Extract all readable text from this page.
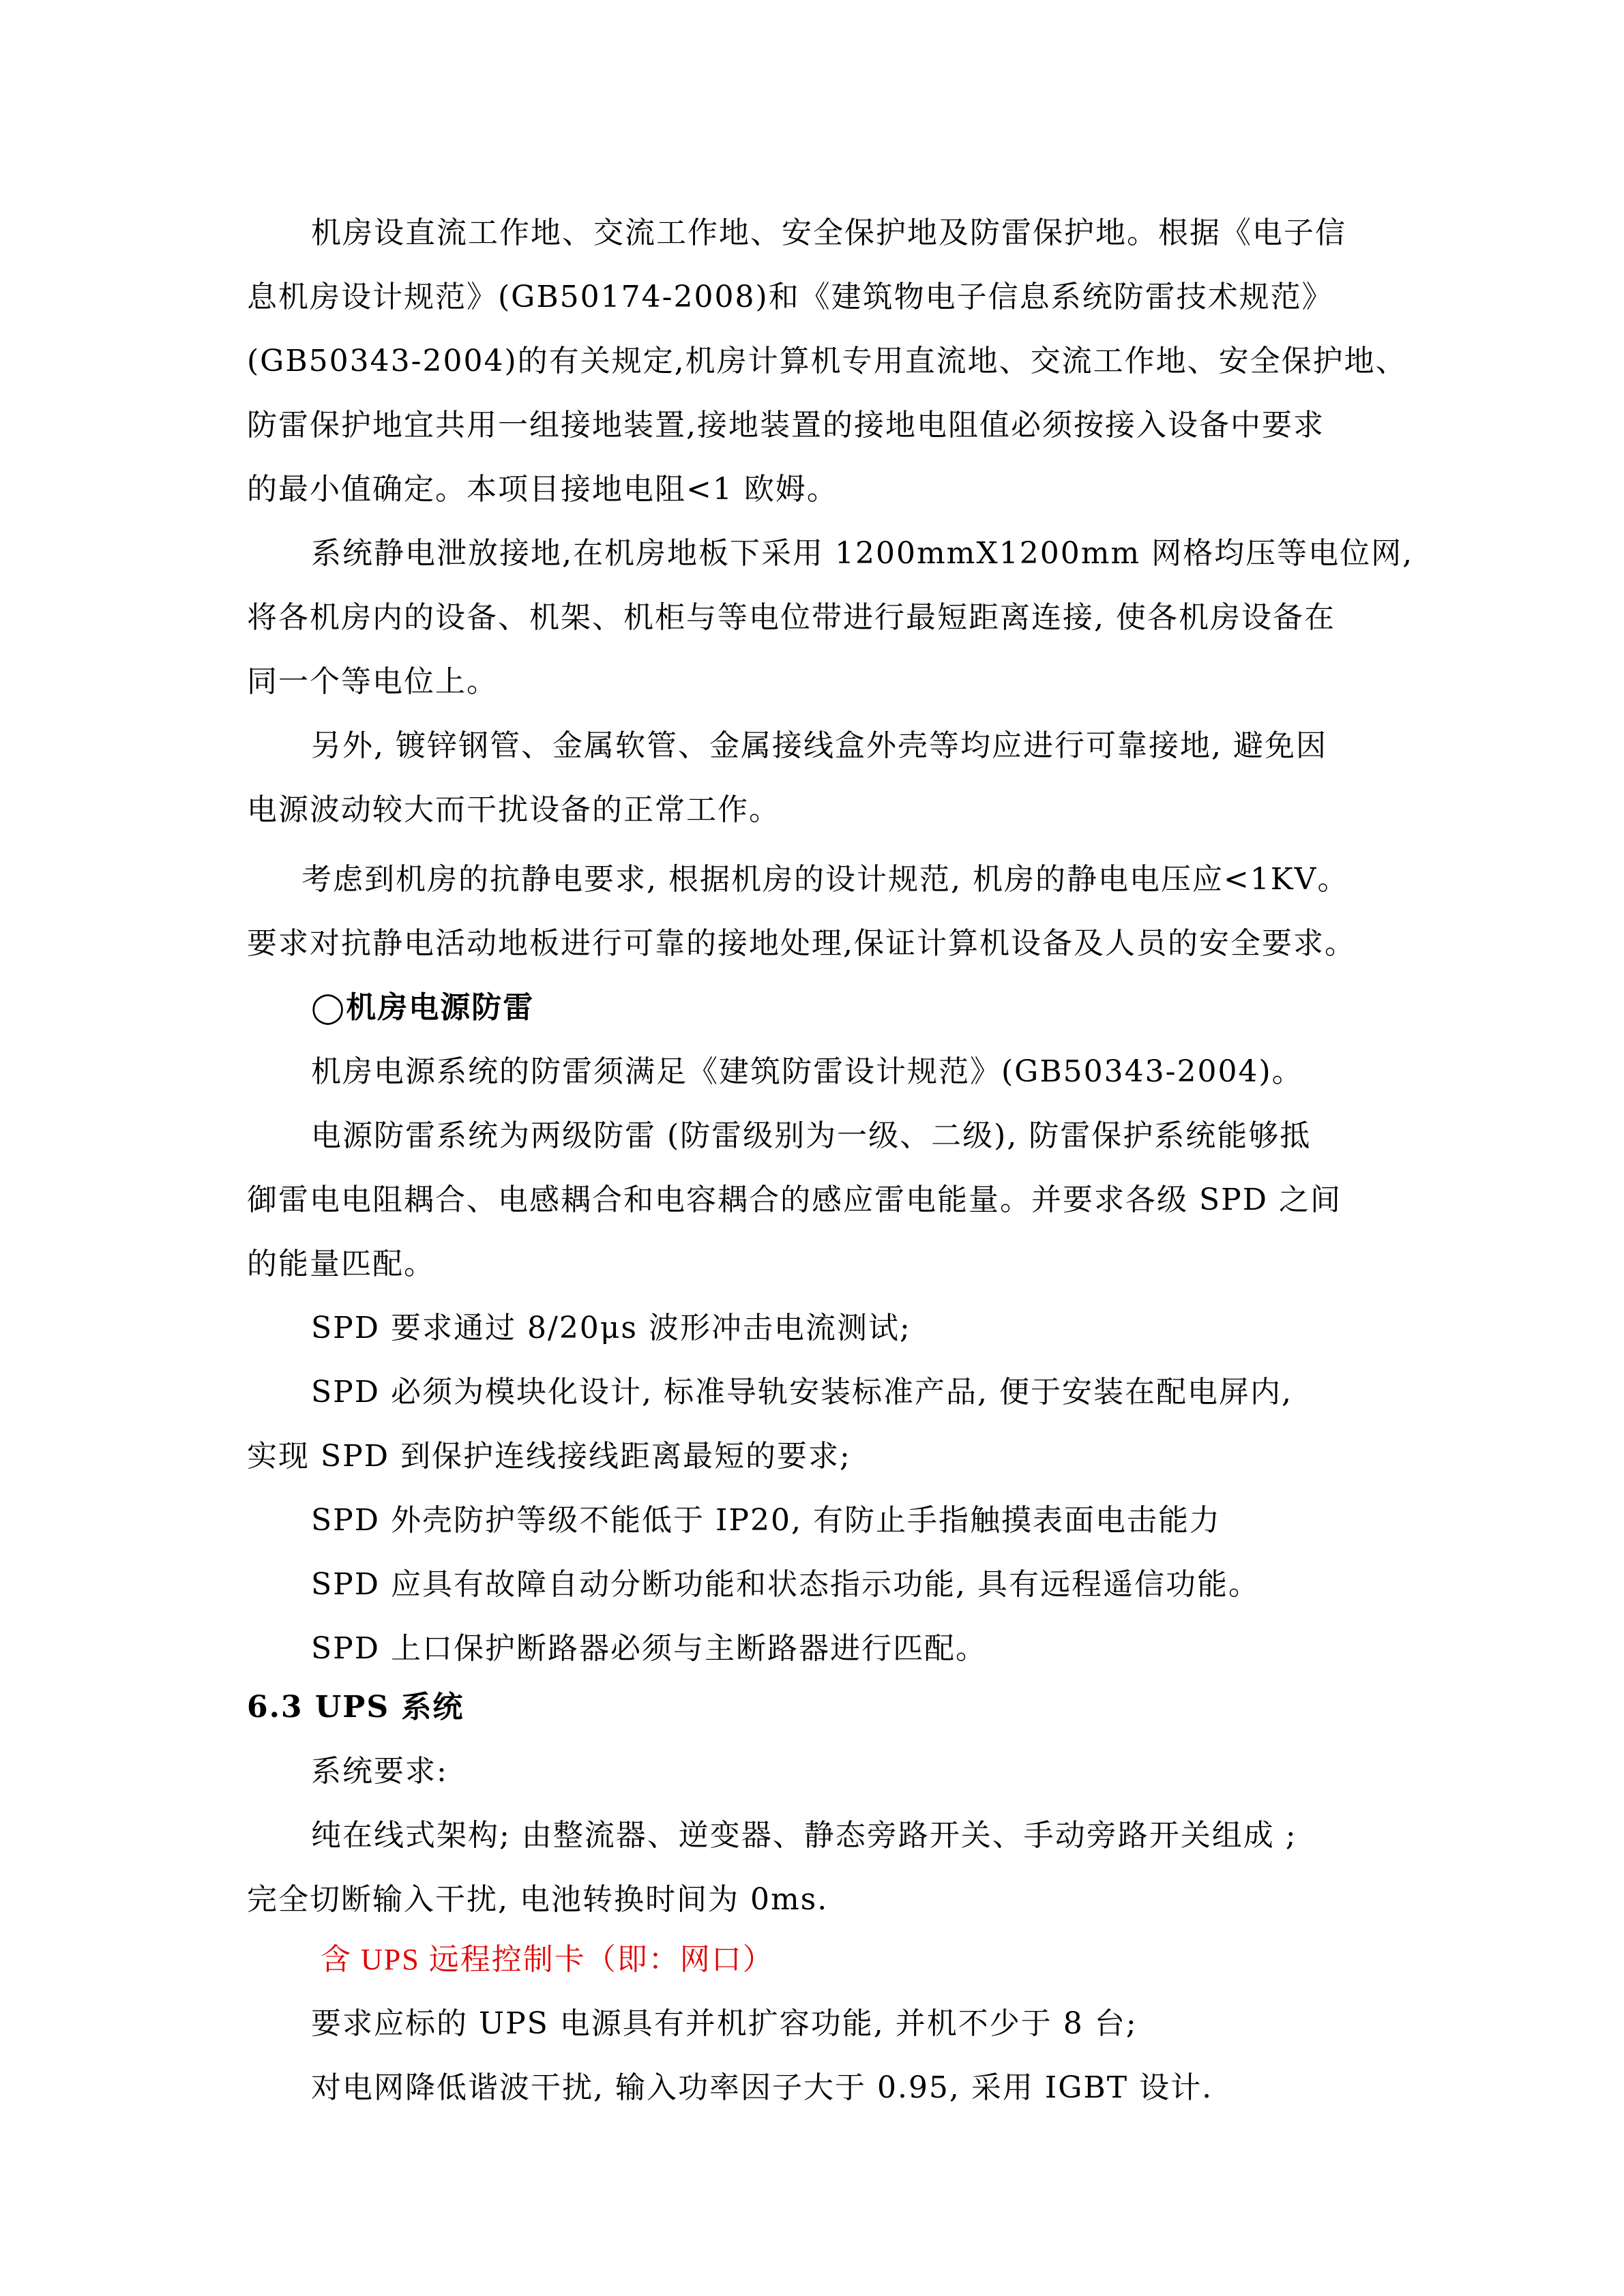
机房设直流工作地、交流工作地、安全保护地及防雷保护地。根据《电子信
息机房设计规范》(GB50174-2008)和《建筑物电子信息系统防雷技术规范》
(GB50343-2004)的有关规定,机房计算机专用直流地、交流工作地、安全保护地、
防雷保护地宜共用一组接地装置,接地装置的接地电阻值必须按接入设备中要求
的最小值确定。本项目接地电阻<1 欧姆。
系统静电泄放接地,在机房地板下采用 1200mmX1200mm 网格均压等电位网,
将各机房内的设备、机架、机柜与等电位带进行最短距离连接, 使各机房设备在
同一个等电位上。
另外, 镀锌钢管、金属软管、金属接线盒外壳等均应进行可靠接地, 避免因
电源波动较大而干扰设备的正常工作。
考虑到机房的抗静电要求, 根据机房的设计规范, 机房的静电电压应<1KV。
要求对抗静电活动地板进行可靠的接地处理,保证计算机设备及人员的安全要求。
◯机房电源防雷
机房电源系统的防雷须满足《建筑防雷设计规范》(GB50343-2004)。
电源防雷系统为两级防雷 (防雷级别为一级、二级), 防雷保护系统能够抵
御雷电电阻耦合、电感耦合和电容耦合的感应雷电能量。并要求各级 SPD 之间
的能量匹配。
SPD 要求通过 8/20μs 波形冲击电流测试;
SPD 必须为模块化设计, 标准导轨安装标准产品, 便于安装在配电屏内,
实现 SPD 到保护连线接线距离最短的要求;
SPD 外壳防护等级不能低于 IP20, 有防止手指触摸表面电击能力
SPD 应具有故障自动分断功能和状态指示功能, 具有远程遥信功能。
SPD 上口保护断路器必须与主断路器进行匹配。
6.3 UPS 系统
系统要求:
纯在线式架构; 由整流器、逆变器、静态旁路开关、手动旁路开关组成 ;
完全切断输入干扰, 电池转换时间为 0ms.
含 UPS 远程控制卡（即：网口）
要求应标的 UPS 电源具有并机扩容功能, 并机不少于 8 台;
对电网降低谐波干扰, 输入功率因子大于 0.95, 采用 IGBT 设计.
